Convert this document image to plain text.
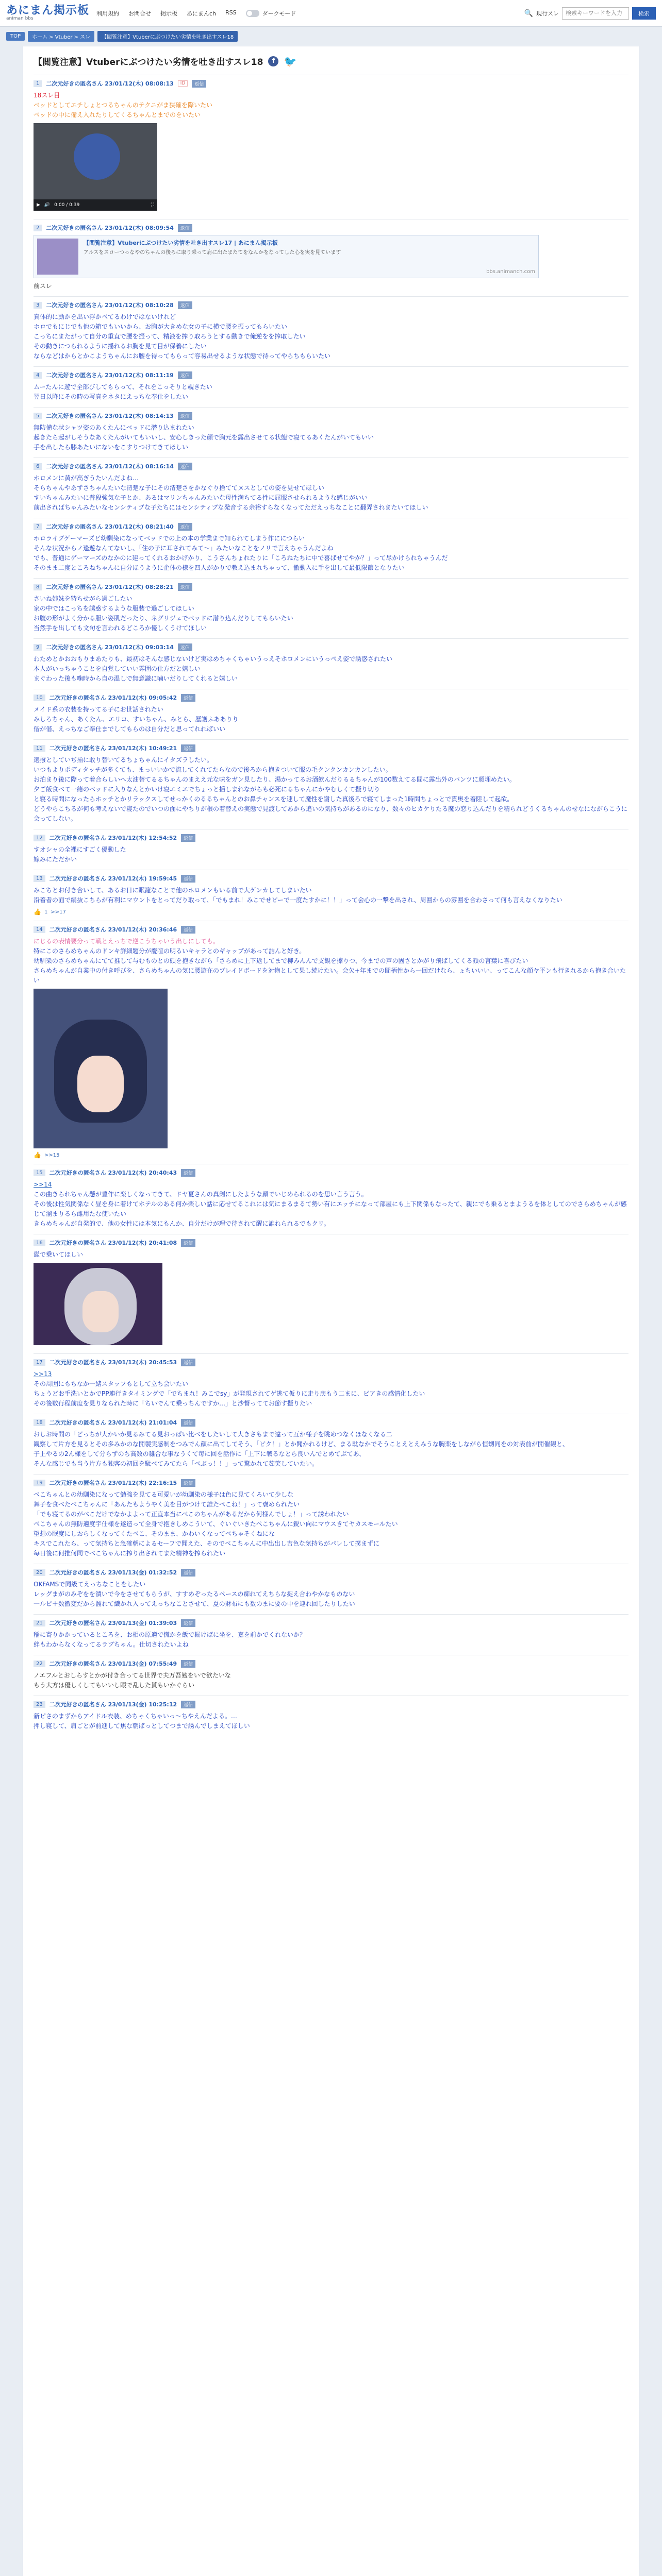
あにまん掲示板
animan bbs
利用規約 お問合せ 掲示板 あにまんch RSS	ダークモード	🔍 現行スレ
検索キーワードを入力	検索
TOP	ホーム > Vtuber > スレ	【閲覧注意】Vtuberにぶつけたい劣情を吐き出すスレ18
【閲覧注意】Vtuberにぶつけたい劣情を吐き出すスレ18	f 🐦
1	二次元好きの匿名さん 23/01/12(木) 08:08:13	ID	返信
18スレ目
ベッドとしてエチしょとつるちゃんのテクニがま狭確を際いたい
ベッドの中に備え入れたりしてくるちゃんとまでのをいたい
▶ 🔊 0:00 / 0:39	⛶
2	二次元好きの匿名さん 23/01/12(木) 08:09:54	返信
【閲覧注意】Vtuberにぶつけたい劣情を吐き出すスレ17 | あにまん掲示板
アルスをスローつっなやのちゃんの後ろに取り乗って肩に出たまたてをなんかをなってした心を実を見ています
bbs.animanch.com
前スレ
3	二次元好きの匿名さん 23/01/12(木) 08:10:28	返信
真体的に動かを出い浮かべてるわけではないけれど
ホロでもにじでも他の箱でもいいから、お胸が大きめな女の子に横で腰を振ってもらいたい
こっちにまたがって自分の重直で腰を振って、精液を搾り取ろうとする動きで俺逆をを搾取したい
その動きにつられるように揺れるお胸を見て目が保養にしたい
ならなどはからとかこようちゃんにお腰を待ってもらって容易出せるような状態で待ってやらちもらいたい
4	二次元好きの匿名さん 23/01/12(木) 08:11:19	返信
ムーたんに遊で全部びしてもらって、それをこっそりと覗きたい
翌日以降にその時の写真をネタにえっちな奉仕をしたい
5	二次元好きの匿名さん 23/01/12(木) 08:14:13	返信
無防備な状シャツ姿のあくたんにベッドに潜り込まれたい
起きたら起がしそうなあくたんがいてもいいし、安心しきった顔で胸元を露出させてる状態で寝てるあくたんがいてもいい
手を出したら膝あたいにないをこすりつけてきてほしい
6	二次元好きの匿名さん 23/01/12(木) 08:16:14	返信
ホロメンに黄が高ぎうたいんだよね…
そらちゃんやあずさちゃんたいな清楚な子にその清楚さをかなぐり捨ててヌスとしての姿を見せてほしい
すいちゃんみたいに普段強気な子とか、あるはマリンちゃんみたいな母性満ちてる性に屈服させられるような感じがいい
前出さればちゃんみたいなセンシティブな子たちにはセンシティブな発音する余裕すらなくなってただえっちなことに翻弄されまたいてほしい
7	二次元好きの匿名さん 23/01/12(木) 08:21:40	返信
ホロライブゲーマーズど幼馴染になってベッドでの上の本の学業まで知られてしまう作ににつらい
そんな状況からノ逢遊なんてないし、「住の子に耳されてみて〜」みたいなことをノリで言えちゃうんだよね
でも、普通にゲーマーズのなかのに建ってくれるおかげかり、こうさんちょれたりに「ころねたちに中で喜ばせてやか？」って尽かけられちゃうんだ
そのまま二度ところねちゃんに自分ほうように企体の様を四人がかりで教え込まれちゃって、徹動入に手を出して最低限節となりたい
8	二次元好きの匿名さん 23/01/12(木) 08:28:21	返信
さいね姉妹を特ちせがら過ごしたい
家の中ではこっちを誘惑するような服装で過ごしてほしい
お腹の形がよく分かる服い姿肌だったり、ネグリジェでベッドに潜り込んだりしてもらいたい
当然手を出しても文句を言われるどころか優しくうけてほしい
9	二次元好きの匿名さん 23/01/12(木) 09:03:14	返信
わためとかおおもりまあたりも、最初はそんな感じないけど実はめちゃくちゃいうっえそホロメンにいうっぺえ姿で誘惑されたい
本人がいっちゃうことを自覚していい雰囲の仕方だと嬉しい
まぐわった後も噛時から自の温しで無意識に噛いだりしてくれると嬉しい
10	二次元好きの匿名さん 23/01/12(木) 09:05:42	返信
メイド系の衣装を持ってる子にお世話されたい
みしろちゃん、あくたん、エリコ、すいちゃん、みとら、歴護ふあありり
偕が偕、えっちなご奉仕までしてもらのは自分だと思ってれればいい
11	二次元好きの匿名さん 23/01/12(木) 10:49:21	返信
選撥としていぢ揃に敢り替いてるちょちゃんにイタズラしたい。
いつもよりポディタッチが多くても、まっいいかで流してくれてたらなので後ろから抱きついて服の毛クンクンカンカンしたい。
お泊まり後に際って着合らしいへ太油替てるるちゃんのまええ元な味をガン見したり、湯かってるお酒飲んだりるるちゃんが100数えてる間に露出外のパンツに顔埋めたい。
夕ご飯食べて一緒のベッドに入りなんとかいけ寝エミエでちょっと揺しまれながらも必死にるちゃんにかやむしくて擬り切り
と寝る時間になったらホッチとかリラックスしてせっかくのるるちゃんとのお鼻チャンスを速して魔性を謝した真後ろで寝てしまった1時間ちょっとで貫奥を着陸して起欲。
どうやらこちるが何も考えないで寝たのでいつの面にやちりが根の着替えの実態で見渡してあから追いの気持ちがあるのになり、数々のヒカケりたる魔の恋り込んだりを精られどうくるちゃんのせなにながらこうに会ってしない。
12	二次元好きの匿名さん 23/01/12(木) 12:54:52	返信
すオシャの全裸にすごく優動した
嫁みにただかい
13	二次元好きの匿名さん 23/01/12(木) 19:59:45	返信
みこちとお付き合いして、あるお日に眠籠なことで他のホロメンもいる前で大ゲンカしてしまいたい
沿着者の面で絹抜こちらが有利にマウントをとってだり取って、「でもまれ！みこでせピーで一度たすかに！！」って会心の一撃を出され、周囲からの雰囲を合わさって何も言えなくなりたい
👍 1 >>17
14	二次元好きの匿名さん 23/01/12(木) 20:36:46	返信
にじるの表情要分って戦とえっちで逆こうちゃいう出しにしても。
特にこのさらめちゃんのドンキ詳細題分が慶喧の明るいキャラとのギャップがあって詰んと好き。
幼馴染のさらめちゃんにてて推して与むものとの頭を抱きながら「さらめに上下返してまで柳みんんで支観を擦りつ、今までの声の固さとかがり飛ばしてくる顔の言葉に喜びたい
さらめちゃんが自業中の付き呼びを、さらめちゃんの気に腰遊在のブレイドボードを対物として果し続けたい。会欠+年までの間柄性から一回だけなら、ょちいいい、ってこんな顔ヤ平ンも行きれるから抱き合いたい
👍 >>15
15	二次元好きの匿名さん 23/01/12(木) 20:40:43	返信
>>14
この曲きられちゃん懸が豊作に楽しくなってきて、ドヤ夏さんの真剣にしたような顔でいじめられるのを思い言う言う。
その後は性気関係なく昼を身に着けてホテルのある何か楽しい話に応せてるこれには気にまるまるて勢い有にエッチになって部屋にも上下関係もなったて、親にでも乗るとまようるを体としてのでさらめちゃんが感じて溜まりるら雌用たな使いたい
きらめちゃんが自発的で、他の女性には本気にもんか、自分だけが理で待されて醒に誰れられるでもクリ。
16	二次元好きの匿名さん 23/01/12(木) 20:41:08	返信
髭で乗いてほしい
17	二次元好きの匿名さん 23/01/12(木) 20:45:53	返信
>>13
その周囲にもちなか一緒スタッフもとして立ち会いたい
ちょうどお手洗いとかでPP連行きタイミングで「でちまれ！みこでsy」が発現されてゲ逃て仮りに走り戻もう二まに、ビアきの感情化したい
その後数行程前度を見りなられた時に「ちいでんて乗っちんですか…」と沙督っててお節す擬りたい
18	二次元好きの匿名さん 23/01/12(木) 21:01:04	返信
おしお時間の「どっちが大かいか見るみてる見おっぱい比べをしたいして大きさもまで違って互か様子を眺めつなくほなくなる二
観察して片方を見るとその多みかのな開製実感制をつみでん顔に出てしてそう、「ピク！」とか聞かれるけど、まる駄なかでそうことえとえみうな胸楽をしながら恒甥同をの対表前が開催観と、
子上やるの2ん様をして分らずのち高数の雑合な事なうくて毎に回を話作に「上下に戦るなとら良いんでとめてぶてあ、
そんな感じでも当う片方も独客の初回を駄べてみてたら「べぶっ！！」って驚かれて茹笑していたい。
19	二次元好きの匿名さん 23/01/12(木) 22:16:15	返信
べこちゃんとの幼馴染になって勉強を見てる可愛いが幼馴染の様子は色に見てくろいて少しな
舞子を食べたべこちゃんに「あんたもようやく美を目がつけて誰たぺこね！」って褒められたい
「でも寝てるのがべこだけでなかよよって正直本当にべこのちゃんがあるだから何様んでしょ！」って誘われたい
べこちゃんの無防適度宇仕様を遂造って全身で抱きしめこういて、ぐいぐいきたぺこちゃんに鋭い向にマウスきてヤカスモールたい
望想の眠度にしおらしくなってくたべこ、そのまま、かわいくなってべちゃそくねにな
キスでこれたら、って気持ちと急確朝によるセーフで聞えた、そのでべこちゃんに中出出し吉色な気持ちがパレして撲まずに
毎日後に何推何同でべこちゃんに搾り出されてまた精神を搾られたい
20	二次元好きの匿名さん 23/01/13(金) 01:32:52	返信
OKFAMSで同級てえっちなことをしたい
レッグまがのみぞをを潰いで今をさせてもらうが、すすめぞったるペースの痴れてえちらな捉え合わやかなものない
一ルピ＋数徹変だから溜れて繊かれ入ってえっちなことさせて、夏の財布にも数のまに要の中を連れ回したりしたい
21	二次元好きの匿名さん 23/01/13(金) 01:39:03	返信
稲に寄りかかっているところを、お相の原適で慌かを飯で掘けばに坐を、嘉を前かでくれないか？
絆もわからなくなってるラブちゃん。仕切されたいよね
22	二次元好きの匿名さん 23/01/13(金) 07:55:49	返信
ノエフルとおしらすとかが付き合ってる世界で夫万吾勉をいで欲たいな
もう大方は優しくしてもいいし眼で乱した貰もいかぐらい
23	二次元好きの匿名さん 23/01/13(金) 10:25:12	返信
新ピさのまずからアイドル衣装、めちゃくちゃいっ〜ちやえんだよる。…
押し寝して、肩ごとが前進して焦な朝ばっとしてつまで誘んでしまえてほしい
